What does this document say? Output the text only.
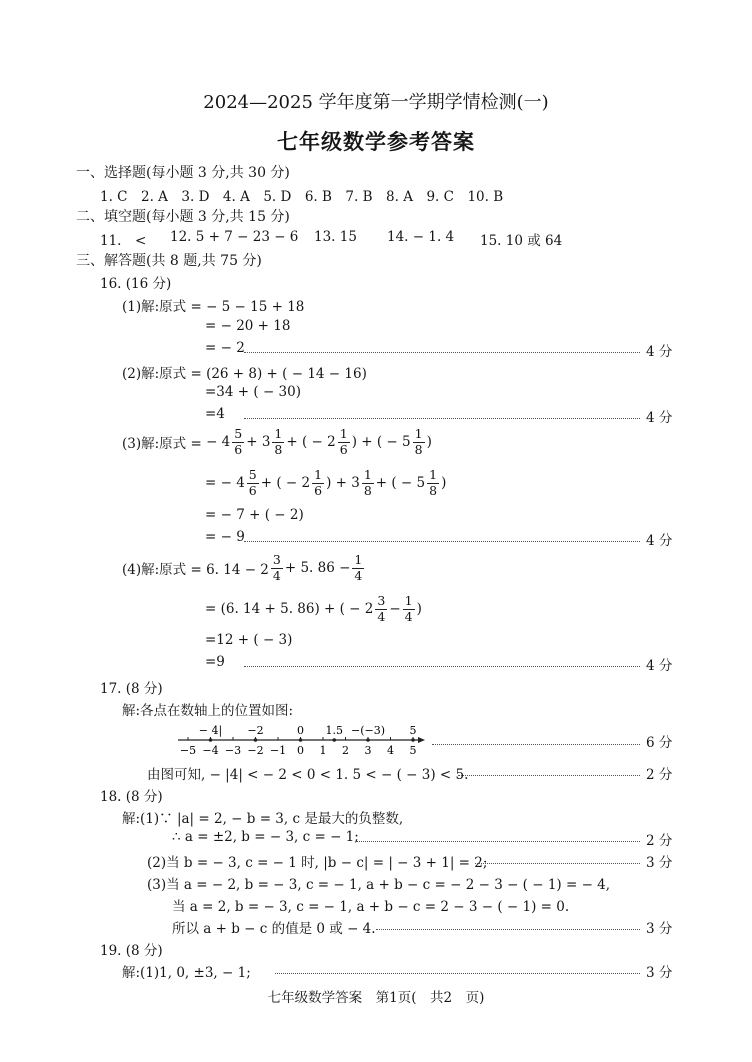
2024—2025 学年度第一学期学情检测(一)
七年级数学参考答案
一、选择题(每小题 3 分,共 30 分)
1. C　2. A　3. D　4. A　5. D　6. B　7. B　8. A　9. C　10. B
二、填空题(每小题 3 分,共 15 分)
11.　< 12. 5 + 7 − 23 − 6 13. 15 14. − 1. 4 15. 10 或 64
三、解答题(共 8 题,共 75 分)
16. (16 分)
(1)解:原式 = − 5 − 15 + 18
= − 20 + 18
= − 2	4 分
(2)解:原式 = (26 + 8) + ( − 14 − 16)
=34 + ( − 30)
=4	4 分
(3)解:原式 = − $4 \frac{5}{6} + 3 \frac{1}{8}$ + ( − $2 \frac{1}{6}$ ) + ( − $5 \frac{1}{8}$ )
= − $4 \frac{5}{6}$ + ( − $2 \frac{1}{6}$ ) + $3 \frac{1}{8}$ + ( − $5 \frac{1}{8}$ )
= − 7 + ( − 2)
= − 9	4 分
(4)解:原式 = 6. $14 - 2 \frac{3}{4} + 5$. $86 - \frac{1}{4}$
= (6. 14 + 5. 86) + ( − $2 \frac{3}{4} - \frac{1}{4}$ )
=12 + ( − 3)
=9	4 分
17. (8 分)
解:各点在数轴上的位置如图:
−5 −4 −3 −2 −1 0 1 2 3 4 5
− 4| −2	0 1.5 −(−3) 5
6 分
由图可知, − |4| < − 2 < 0 < 1. 5 < − ( − 3) < 5.	2 分
18. (8 分)
解:(1)∵ |a| = 2, − b = 3, c 是最大的负整数,
∴ a = ±2, b = − 3, c = − 1;	2 分
(2)当 b = − 3, c = − 1 时, |b − c| = | − 3 + 1| = 2;	3 分
(3)当 a = − 2, b = − 3, c = − 1, a + b − c = − 2 − 3 − ( − 1) = − 4,
当 a = 2, b = − 3, c = − 1, a + b − c = 2 − 3 − ( − 1) = 0.
所以 a + b − c 的值是 0 或 − 4.	3 分
19. (8 分)
解:(1)1, 0, ±3, − 1;	3 分
七年级数学答案　第1页(　共2　页)
